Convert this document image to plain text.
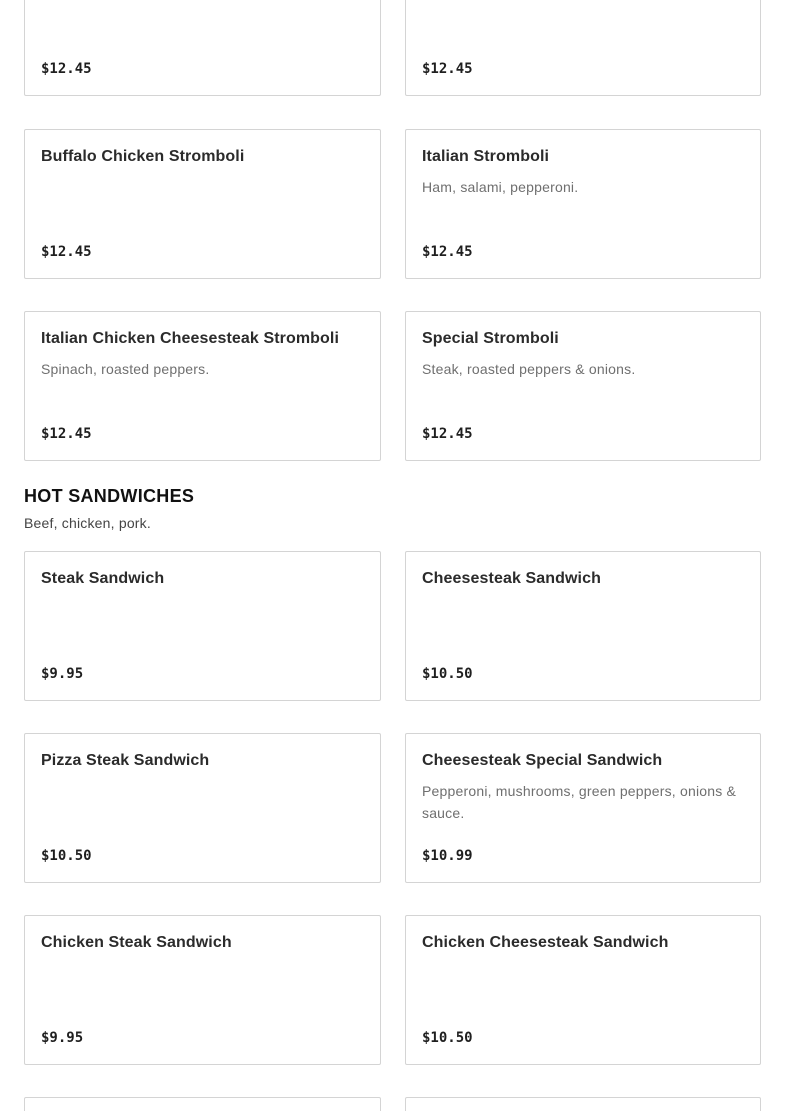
$12.45	$12.45
Buffalo Chicken Stromboli
$12.45
Italian Stromboli
Ham, salami, pepperoni.
$12.45
Italian Chicken Cheesesteak Stromboli
Spinach, roasted peppers.
$12.45
Special Stromboli
Steak, roasted peppers & onions.
$12.45
HOT SANDWICHES
Beef, chicken, pork.
Steak Sandwich
$9.95
Cheesesteak Sandwich
$10.50
Pizza Steak Sandwich
$10.50
Cheesesteak Special Sandwich
Pepperoni, mushrooms, green peppers, onions & sauce.
$10.99
Chicken Steak Sandwich
$9.95
Chicken Cheesesteak Sandwich
$10.50
